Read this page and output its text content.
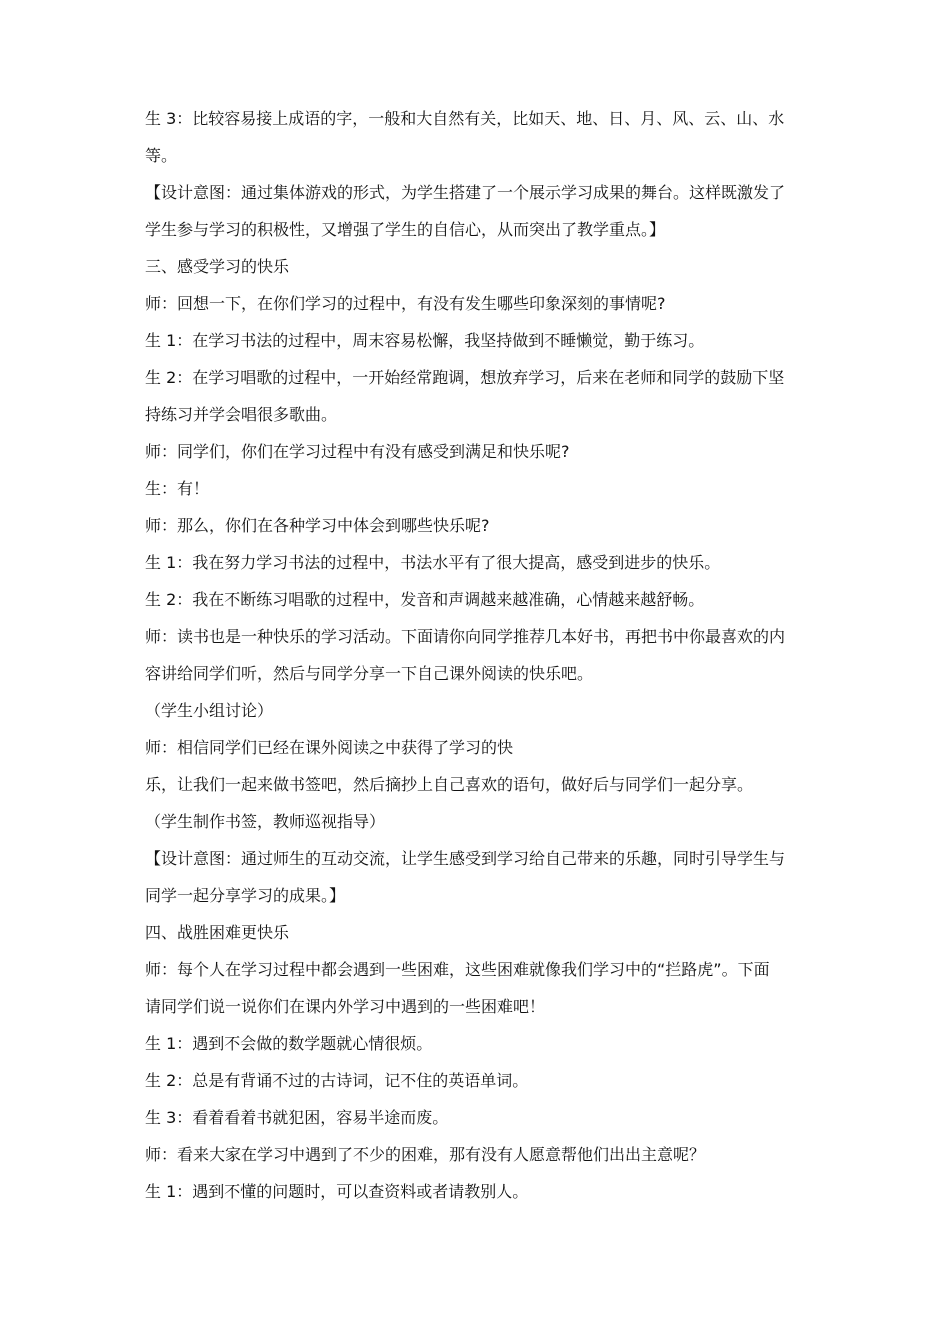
生 3：比较容易接上成语的字，一般和大自然有关，比如天、地、日、月、风、云、山、水
等。
【设计意图：通过集体游戏的形式，为学生搭建了一个展示学习成果的舞台。这样既激发了
学生参与学习的积极性，又增强了学生的自信心，从而突出了教学重点。】
三、感受学习的快乐
师：回想一下，在你们学习的过程中，有没有发生哪些印象深刻的事情呢?
生 1：在学习书法的过程中，周末容易松懈，我坚持做到不睡懒觉，勤于练习。
生 2：在学习唱歌的过程中，一开始经常跑调，想放弃学习，后来在老师和同学的鼓励下坚
持练习并学会唱很多歌曲。
师：同学们，你们在学习过程中有没有感受到满足和快乐呢?
生：有！
师：那么，你们在各种学习中体会到哪些快乐呢?
生 1：我在努力学习书法的过程中，书法水平有了很大提高，感受到进步的快乐。
生 2：我在不断练习唱歌的过程中，发音和声调越来越准确，心情越来越舒畅。
师：读书也是一种快乐的学习活动。下面请你向同学推荐几本好书，再把书中你最喜欢的内
容讲给同学们听，然后与同学分享一下自己课外阅读的快乐吧。
（学生小组讨论）
师：相信同学们已经在课外阅读之中获得了学习的快
乐，让我们一起来做书签吧，然后摘抄上自己喜欢的语句，做好后与同学们一起分享。
（学生制作书签，教师巡视指导）
【设计意图：通过师生的互动交流，让学生感受到学习给自己带来的乐趣，同时引导学生与
同学一起分享学习的成果。】
四、战胜困难更快乐
师：每个人在学习过程中都会遇到一些困难，这些困难就像我们学习中的“拦路虎”。下面
请同学们说一说你们在课内外学习中遇到的一些困难吧！
生 1：遇到不会做的数学题就心情很烦。
生 2：总是有背诵不过的古诗词，记不住的英语单词。
生 3：看着看着书就犯困，容易半途而废。
师：看来大家在学习中遇到了不少的困难，那有没有人愿意帮他们出出主意呢？
生 1：遇到不懂的问题时，可以查资料或者请教别人。
